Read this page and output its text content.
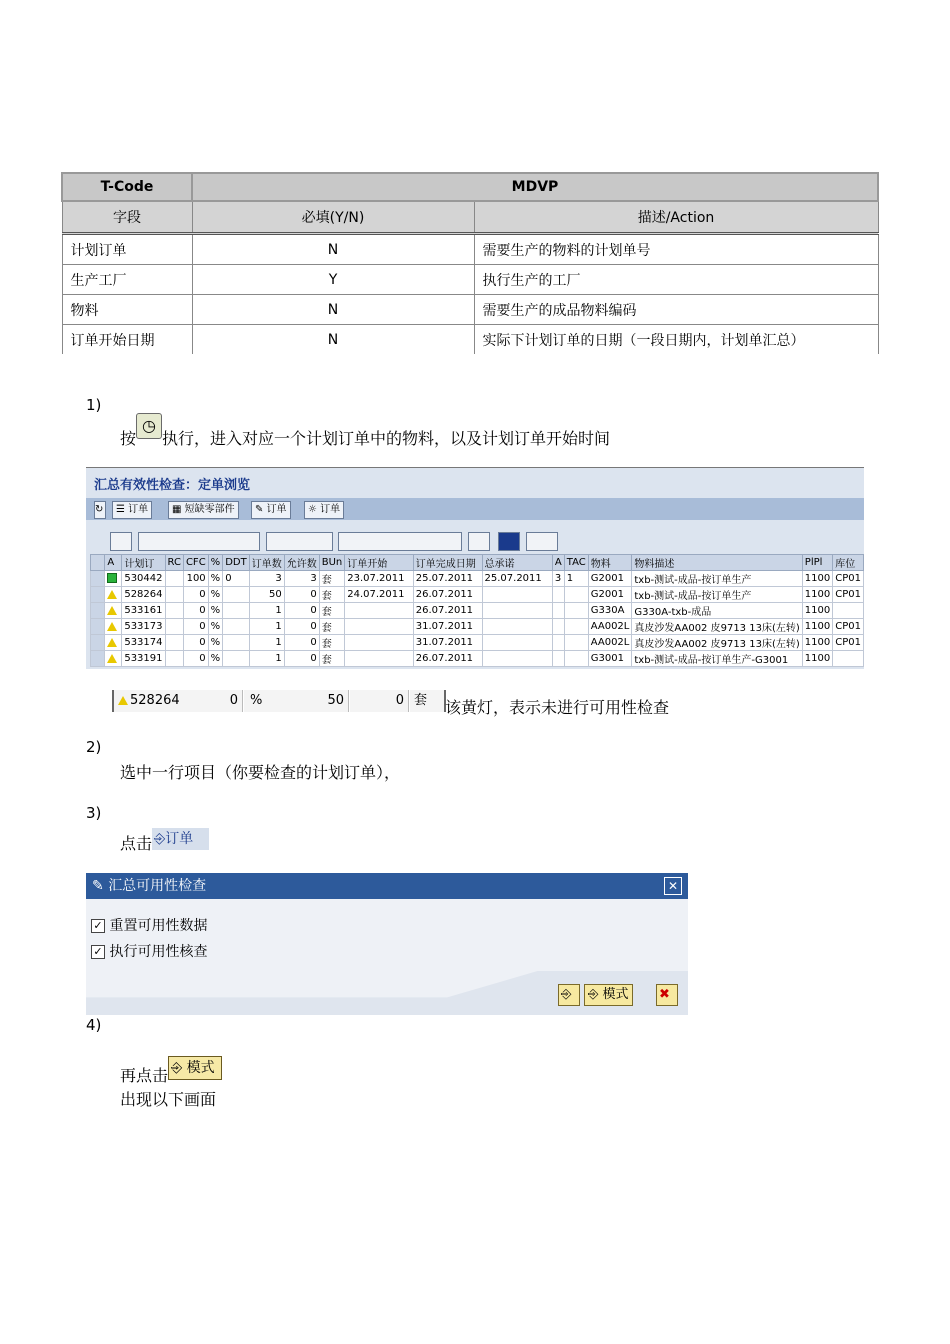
T-Code	MDVP	
字段	必填(Y/N)	描述/Action
计划订单	N	需要生产的物料的计划单号
生产工厂	Y	执行生产的工厂
物料	N	需要生产的成品物料编码
订单开始日期	N	实际下计划订单的日期（一段日期内，计划单汇总）
1)
按◷执行，进入对应一个计划订单中的物料，以及计划订单开始时间
汇总有效性检查：定单浏览
↻	☰ 订单	▦ 短缺零部件	✎ 订单	☼ 订单
	A	计划订	RC	CFC	%	DDT	订单数	允许数	BUn	订单开始	订单完成日期	总承诺	A	TAC	物料	物料描述	PlPl	库位
		530442		100	%	0	3	3	套	23.07.2011	25.07.2011	25.07.2011	3	1	G2001	txb-测试-成品-按订单生产	1100	CP01
		528264		0	%		50	0	套	24.07.2011	26.07.2011				G2001	txb-测试-成品-按订单生产	1100	CP01
		533161		0	%		1	0	套		26.07.2011				G330A	G330A-txb-成品	1100	
		533173		0	%		1	0	套		31.07.2011				AA002L	真皮沙发AA002 皮9713 13床(左转)	1100	CP01
		533174		0	%		1	0	套		31.07.2011				AA002L	真皮沙发AA002 皮9713 13床(左转)	1100	CP01
		533191		0	%		1	0	套		26.07.2011				G3001	txb-测试-成品-按订单生产-G3001	1100	
528264	0 %	50	0 套	该黄灯，表示未进行可用性检查
2)
选中一行项目（你要检查的计划订单），
3)
点击 ⎆订单
✎ 汇总可用性检查	✕
✓ 重置可用性数据
✓ 执行可用性核查
⎆	⎆ 模式	✖
4)
再点击 ⎆ 模式
出现以下画面
